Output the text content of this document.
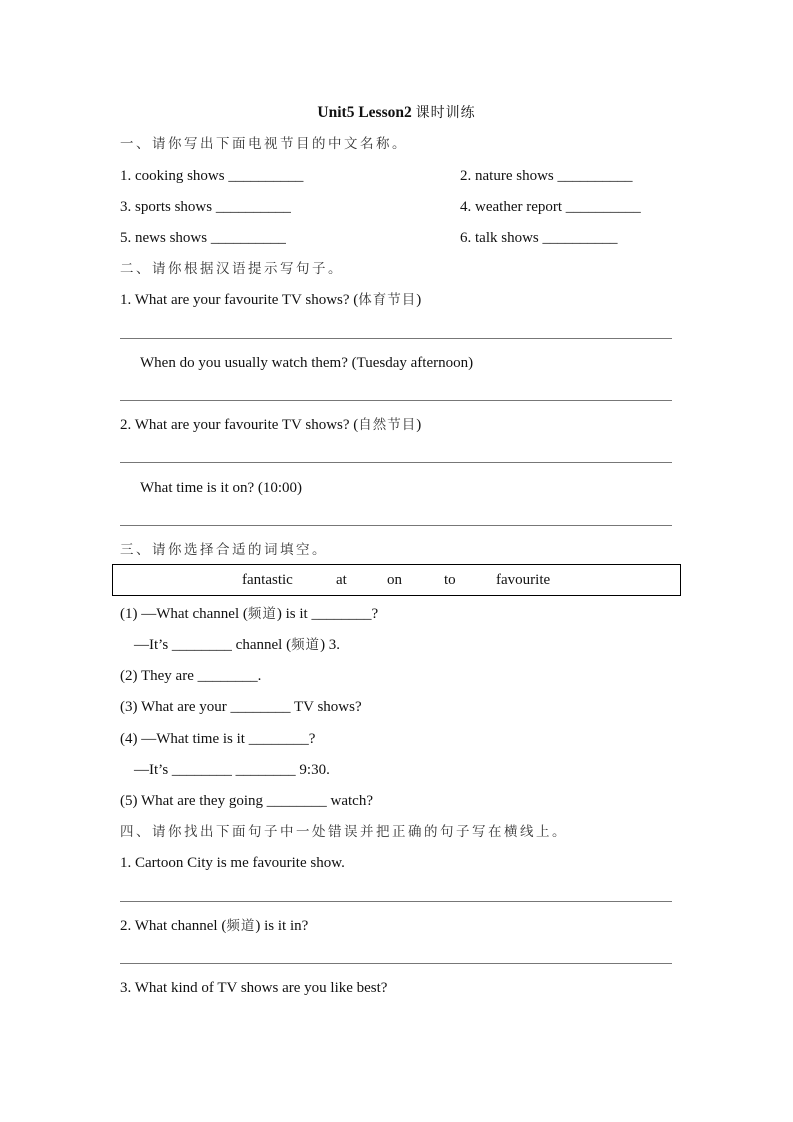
Unit5 Lesson2 课时训练
一、请你写出下面电视节目的中文名称。
1. cooking shows __________	2. nature shows __________
3. sports shows __________	4. weather report __________
5. news shows __________	6. talk shows __________
二、请你根据汉语提示写句子。
1. What are your favourite TV shows? (体育节目)
When do you usually watch them? (Tuesday afternoon)
2. What are your favourite TV shows? (自然节目)
What time is it on? (10:00)
三、请你选择合适的词填空。
fantastic	at	on	to	favourite
(1) —What channel (频道) is it ________?
—It’s ________ channel (频道) 3.
(2) They are ________.
(3) What are your ________ TV shows?
(4) —What time is it ________?
—It’s ________ ________ 9:30.
(5) What are they going ________ watch?
四、请你找出下面句子中一处错误并把正确的句子写在横线上。
1. Cartoon City is me favourite show.
2. What channel (频道) is it in?
3. What kind of TV shows are you like best?
